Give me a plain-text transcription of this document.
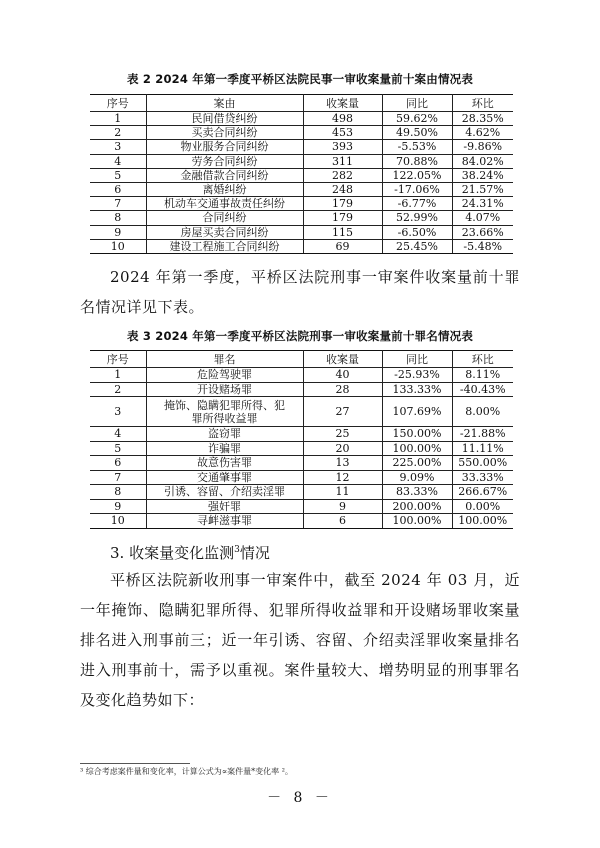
表 2 2024 年第一季度平桥区法院民事一审收案量前十案由情况表
序号	案由	收案量	同比	环比
1	民间借贷纠纷	498	59.62%	28.35%
2	买卖合同纠纷	453	49.50%	4.62%
3	物业服务合同纠纷	393	-5.53%	-9.86%
4	劳务合同纠纷	311	70.88%	84.02%
5	金融借款合同纠纷	282	122.05%	38.24%
6	离婚纠纷	248	-17.06%	21.57%
7	机动车交通事故责任纠纷	179	-6.77%	24.31%
8	合同纠纷	179	52.99%	4.07%
9	房屋买卖合同纠纷	115	-6.50%	23.66%
10	建设工程施工合同纠纷	69	25.45%	-5.48%
2024 年第一季度，平桥区法院刑事一审案件收案量前十罪名情况详见下表。
表 3 2024 年第一季度平桥区法院刑事一审收案量前十罪名情况表
序号	罪名	收案量	同比	环比
1	危险驾驶罪	40	-25.93%	8.11%
2	开设赌场罪	28	133.33%	-40.43%
3	掩饰、隐瞒犯罪所得、犯罪所得收益罪	27	107.69%	8.00%
4	盗窃罪	25	150.00%	-21.88%
5	诈骗罪	20	100.00%	11.11%
6	故意伤害罪	13	225.00%	550.00%
7	交通肇事罪	12	9.09%	33.33%
8	引诱、容留、介绍卖淫罪	11	83.33%	266.67%
9	强奸罪	9	200.00%	0.00%
10	寻衅滋事罪	6	100.00%	100.00%
3. 收案量变化监测$^3$情况
平桥区法院新收刑事一审案件中，截至 2024 年 03 月，近一年掩饰、隐瞒犯罪所得、犯罪所得收益罪和开设赌场罪收案量排名进入刑事前三；近一年引诱、容留、介绍卖淫罪收案量排名进入刑事前十，需予以重视。案件量较大、增势明显的刑事罪名及变化趋势如下：
³ 综合考虑案件量和变化率，计算公式为∝案件量*变化率 ²。
－ 8 －
